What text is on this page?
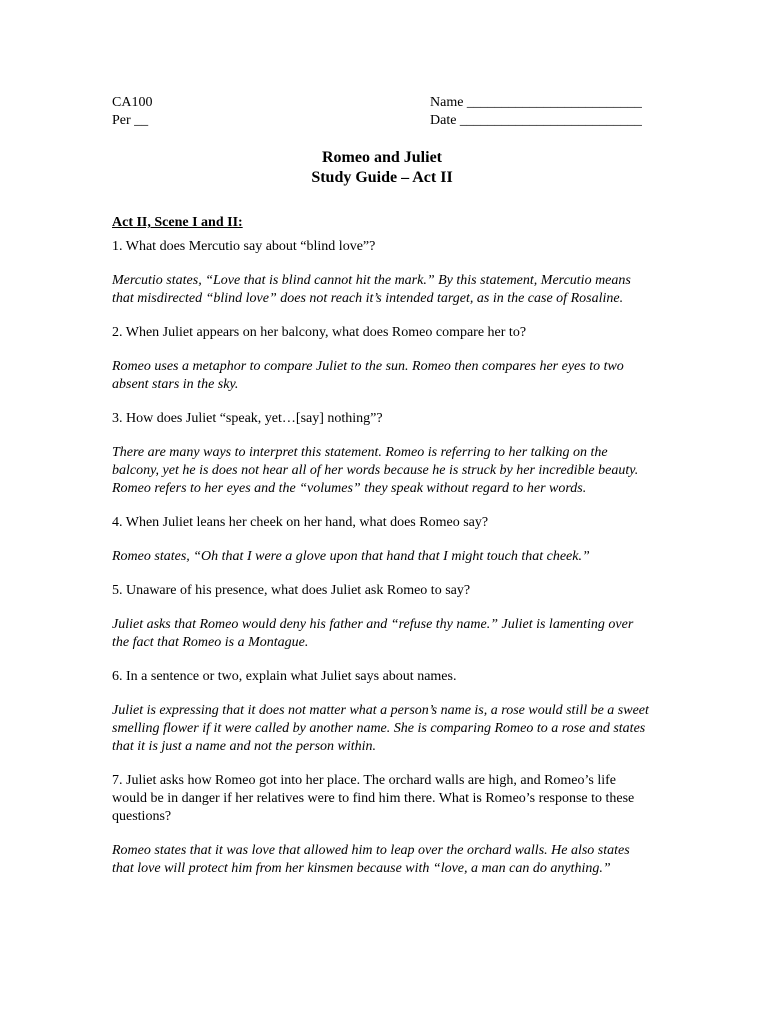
CA100
Per __
Name _________________________
Date __________________________
Romeo and Juliet
Study Guide – Act II
Act II, Scene I and II:
1. What does Mercutio say about “blind love”?
Mercutio states, “Love that is blind cannot hit the mark.” By this statement, Mercutio means that misdirected “blind love” does not reach it’s intended target, as in the case of Rosaline.
2. When Juliet appears on her balcony, what does Romeo compare her to?
Romeo uses a metaphor to compare Juliet to the sun. Romeo then compares her eyes to two absent stars in the sky.
3. How does Juliet “speak, yet…[say] nothing”?
There are many ways to interpret this statement. Romeo is referring to her talking on the balcony, yet he is does not hear all of her words because he is struck by her incredible beauty. Romeo refers to her eyes and the “volumes” they speak without regard to her words.
4. When Juliet leans her cheek on her hand, what does Romeo say?
Romeo states, “Oh that I were a glove upon that hand that I might touch that cheek.”
5. Unaware of his presence, what does Juliet ask Romeo to say?
Juliet asks that Romeo would deny his father and “refuse thy name.” Juliet is lamenting over the fact that Romeo is a Montague.
6. In a sentence or two, explain what Juliet says about names.
Juliet is expressing that it does not matter what a person’s name is, a rose would still be a sweet smelling flower if it were called by another name. She is comparing Romeo to a rose and states that it is just a name and not the person within.
7. Juliet asks how Romeo got into her place. The orchard walls are high, and Romeo’s life would be in danger if her relatives were to find him there. What is Romeo’s response to these questions?
Romeo states that it was love that allowed him to leap over the orchard walls. He also states that love will protect him from her kinsmen because with “love, a man can do anything.”
